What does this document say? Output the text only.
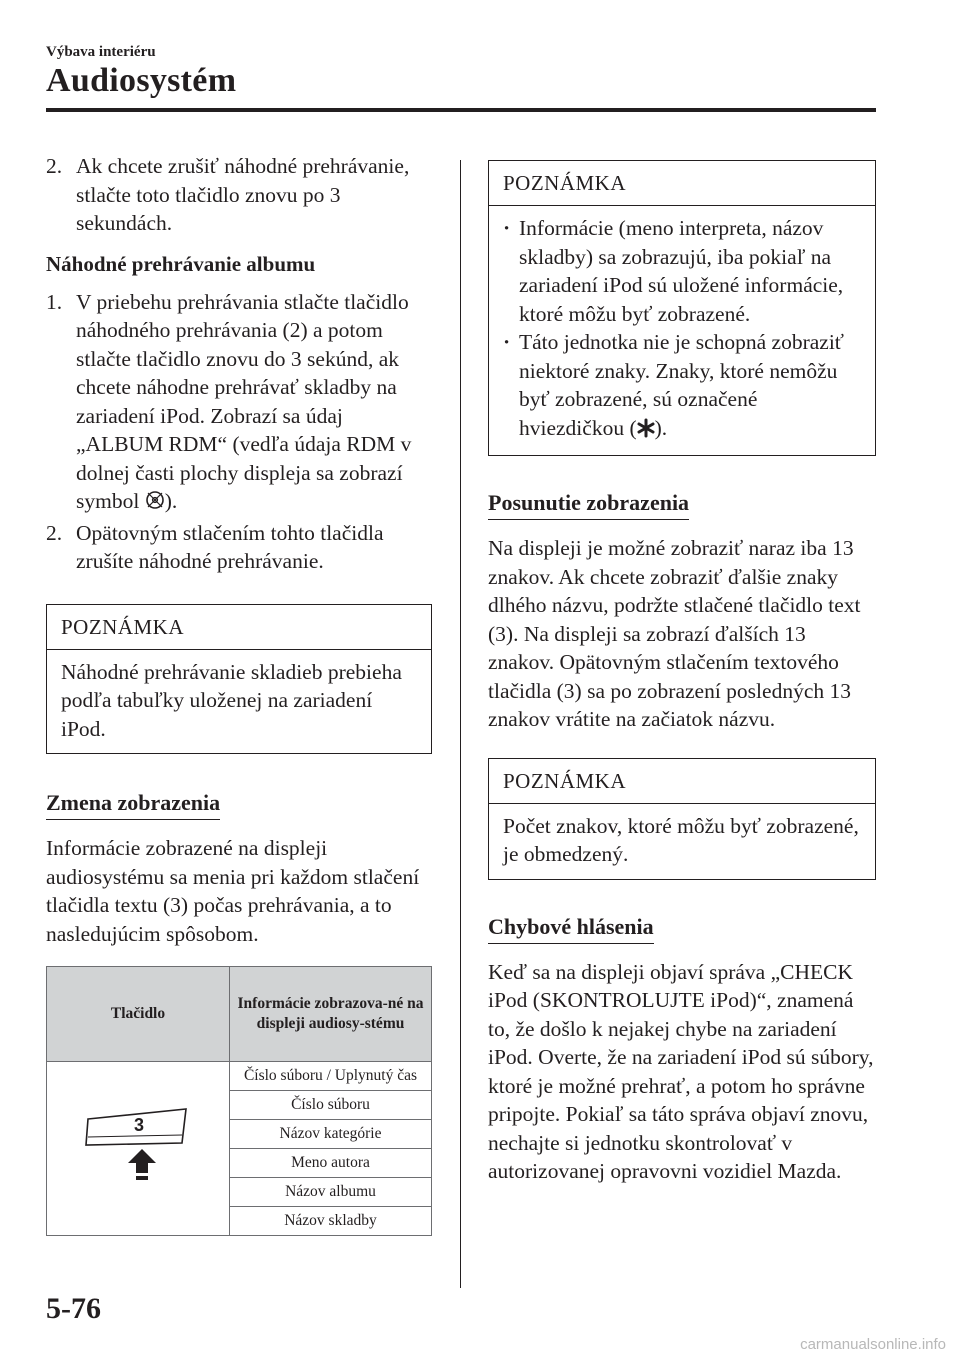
Výbava interiéru
Audiosystém
2. Ak chcete zrušiť náhodné prehrávanie, stlačte toto tlačidlo znovu po 3 sekundách.
Náhodné prehrávanie albumu
1. V priebehu prehrávania stlačte tlačidlo náhodného prehrávania (2) a potom stlačte tlačidlo znovu do 3 sekúnd, ak chcete náhodne prehrávať skladby na zariadení iPod. Zobrazí sa údaj „ALBUM RDM“ (vedľa údaja RDM v dolnej časti plochy displeja sa zobrazí symbol ).
2. Opätovným stlačením tohto tlačidla zrušíte náhodné prehrávanie.
POZNÁMKA
Náhodné prehrávanie skladieb prebieha podľa tabuľky uloženej na zariadení iPod.
Zmena zobrazenia

Informácie zobrazené na displeji audiosystému sa menia pri každom stlačení tlačidla textu (3) počas prehrávania, a to nasledujúcim spôsobom.

Tlačidlo	Informácie zobrazova-né na displeji audiosy-stému

3	Číslo súboru / Uplynutý čas
	Číslo súboru
	Názov kategórie
	Meno autora
	Názov albumu
	Názov skladby
POZNÁMKA
· Informácie (meno interpreta, názov skladby) sa zobrazujú, iba pokiaľ na zariadení iPod sú uložené informácie, ktoré môžu byť zobrazené.
· Táto jednotka nie je schopná zobraziť niektoré znaky. Znaky, ktoré nemôžu byť zobrazené, sú označené hviezdičkou ( ).
Posunutie zobrazenia

Na displeji je možné zobraziť naraz iba 13 znakov. Ak chcete zobraziť ďalšie znaky dlhého názvu, podržte stlačené tlačidlo text (3). Na displeji sa zobrazí ďalších 13 znakov. Opätovným stlačením textového tlačidla (3) sa po zobrazení posledných 13 znakov vrátite na začiatok názvu.

POZNÁMKA
Počet znakov, ktoré môžu byť zobrazené, je obmedzený.
Chybové hlásenia

Keď sa na displeji objaví správa „CHECK iPod (SKONTROLUJTE iPod)“, znamená to, že došlo k nejakej chybe na zariadení iPod. Overte, že na zariadení iPod sú súbory, ktoré je možné prehrať, a potom ho správne pripojte. Pokiaľ sa táto správa objaví znovu, nechajte si jednotku skontrolovať v autorizovanej opravovni vozidiel Mazda.

5-76
carmanualsonline.info
